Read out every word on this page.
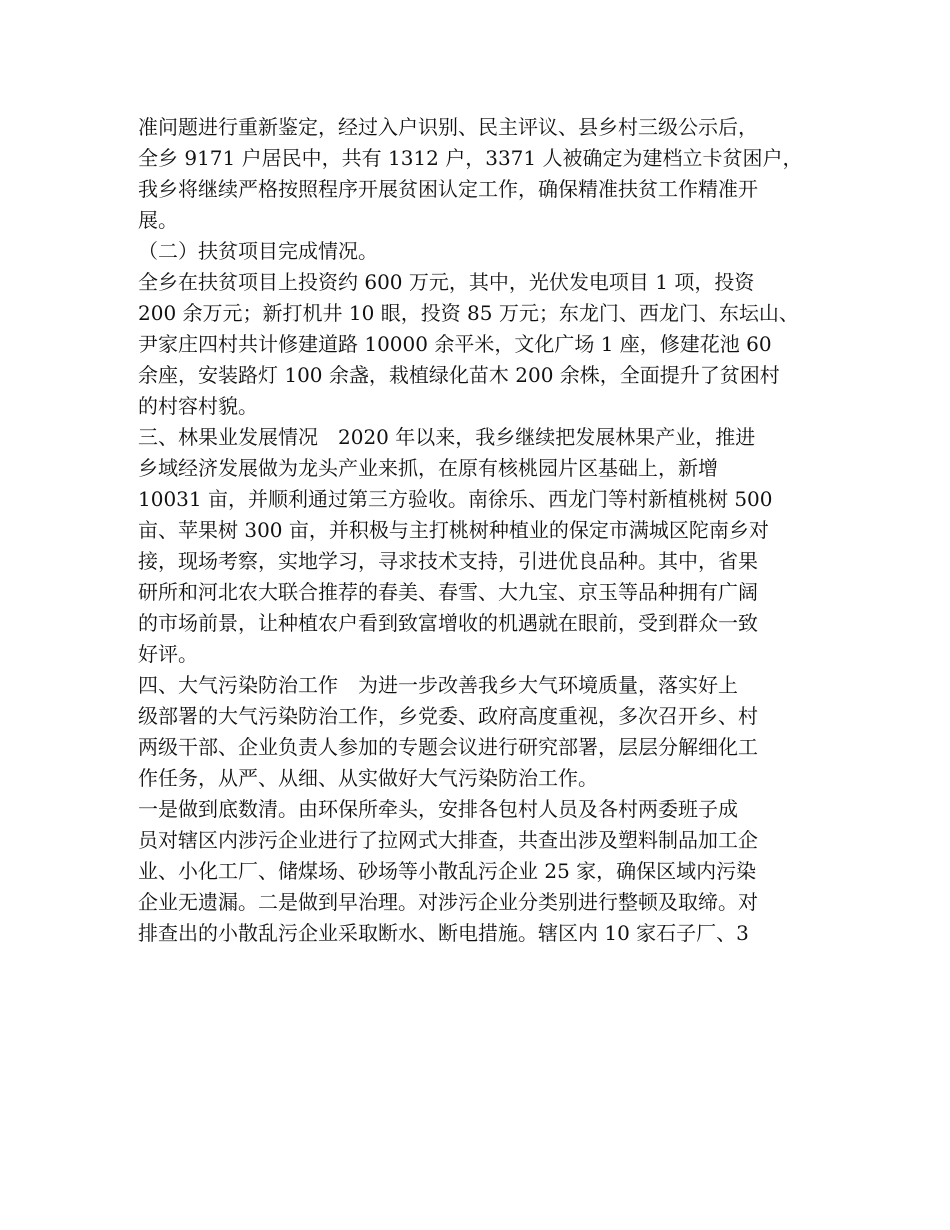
准问题进行重新鉴定，经过入户识别、民主评议、县乡村三级公示后，
全乡 9171 户居民中，共有 1312 户，3371 人被确定为建档立卡贫困户，
我乡将继续严格按照程序开展贫困认定工作，确保精准扶贫工作精准开
展。
（二）扶贫项目完成情况。
全乡在扶贫项目上投资约 600 万元，其中，光伏发电项目 1 项，投资
200 余万元；新打机井 10 眼，投资 85 万元；东龙门、西龙门、东坛山、
尹家庄四村共计修建道路 10000 余平米，文化广场 1 座，修建花池 60
余座，安装路灯 100 余盏，栽植绿化苗木 200 余株，全面提升了贫困村
的村容村貌。
三、林果业发展情况　2020 年以来，我乡继续把发展林果产业，推进
乡域经济发展做为龙头产业来抓，在原有核桃园片区基础上，新增
10031 亩，并顺利通过第三方验收。南徐乐、西龙门等村新植桃树 500
亩、苹果树 300 亩，并积极与主打桃树种植业的保定市满城区陀南乡对
接，现场考察，实地学习，寻求技术支持，引进优良品种。其中，省果
研所和河北农大联合推荐的春美、春雪、大九宝、京玉等品种拥有广阔
的市场前景，让种植农户看到致富增收的机遇就在眼前，受到群众一致
好评。
四、大气污染防治工作　为进一步改善我乡大气环境质量，落实好上
级部署的大气污染防治工作，乡党委、政府高度重视，多次召开乡、村
两级干部、企业负责人参加的专题会议进行研究部署，层层分解细化工
作任务，从严、从细、从实做好大气污染防治工作。
一是做到底数清。由环保所牵头，安排各包村人员及各村两委班子成
员对辖区内涉污企业进行了拉网式大排查，共查出涉及塑料制品加工企
业、小化工厂、储煤场、砂场等小散乱污企业 25 家，确保区域内污染
企业无遗漏。二是做到早治理。对涉污企业分类别进行整顿及取缔。对
排查出的小散乱污企业采取断水、断电措施。辖区内 10 家石子厂、3
